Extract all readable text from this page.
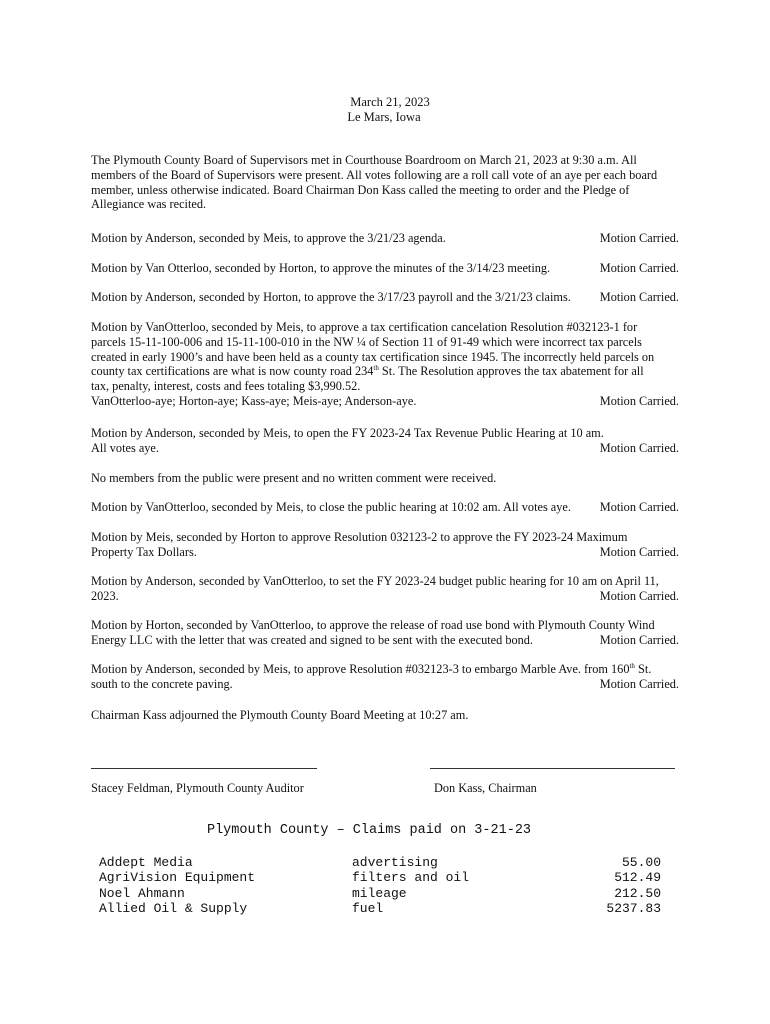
March 21, 2023
Le Mars, Iowa
The Plymouth County Board of Supervisors met in Courthouse Boardroom on March 21, 2023 at 9:30 a.m. All members of the Board of Supervisors were present. All votes following are a roll call vote of an aye per each board member, unless otherwise indicated. Board Chairman Don Kass called the meeting to order and the Pledge of Allegiance was recited.
Motion by Anderson, seconded by Meis, to approve the 3/21/23 agenda.	Motion Carried.
Motion by Van Otterloo, seconded by Horton, to approve the minutes of the 3/14/23 meeting.	Motion Carried.
Motion by Anderson, seconded by Horton, to approve the 3/17/23 payroll and the 3/21/23 claims. Motion Carried.
Motion by VanOtterloo, seconded by Meis, to approve a tax certification cancelation Resolution #032123-1 for
parcels 15-11-100-006 and 15-11-100-010 in the NW ¼ of Section 11 of 91-49 which were incorrect tax parcels
created in early 1900’s and have been held as a county tax certification since 1945. The incorrectly held parcels on
county tax certifications are what is now county road 234th St. The Resolution approves the tax abatement for all
tax, penalty, interest, costs and fees totaling $3,990.52.
VanOtterloo-aye; Horton-aye; Kass-aye; Meis-aye; Anderson-aye.	Motion Carried.
Motion by Anderson, seconded by Meis, to open the FY 2023-24 Tax Revenue Public Hearing at 10 am.
All votes aye.	Motion Carried.
No members from the public were present and no written comment were received.
Motion by VanOtterloo, seconded by Meis, to close the public hearing at 10:02 am. All votes aye. Motion Carried.
Motion by Meis, seconded by Horton to approve Resolution 032123-2 to approve the FY 2023-24 Maximum
Property Tax Dollars.	Motion Carried.
Motion by Anderson, seconded by VanOtterloo, to set the FY 2023-24 budget public hearing for 10 am on April 11,
2023.	Motion Carried.
Motion by Horton, seconded by VanOtterloo, to approve the release of road use bond with Plymouth County Wind
Energy LLC with the letter that was created and signed to be sent with the executed bond.	Motion Carried.
Motion by Anderson, seconded by Meis, to approve Resolution #032123-3 to embargo Marble Ave. from 160th St.
south to the concrete paving.	Motion Carried.
Chairman Kass adjourned the Plymouth County Board Meeting at 10:27 am.
Stacey Feldman, Plymouth County Auditor	Don Kass, Chairman
Plymouth County – Claims paid on 3-21-23
Addept Media	advertising	55.00
AgriVision Equipment	filters and oil	512.49
Noel Ahmann	mileage	212.50
Allied Oil & Supply	fuel	5237.83
